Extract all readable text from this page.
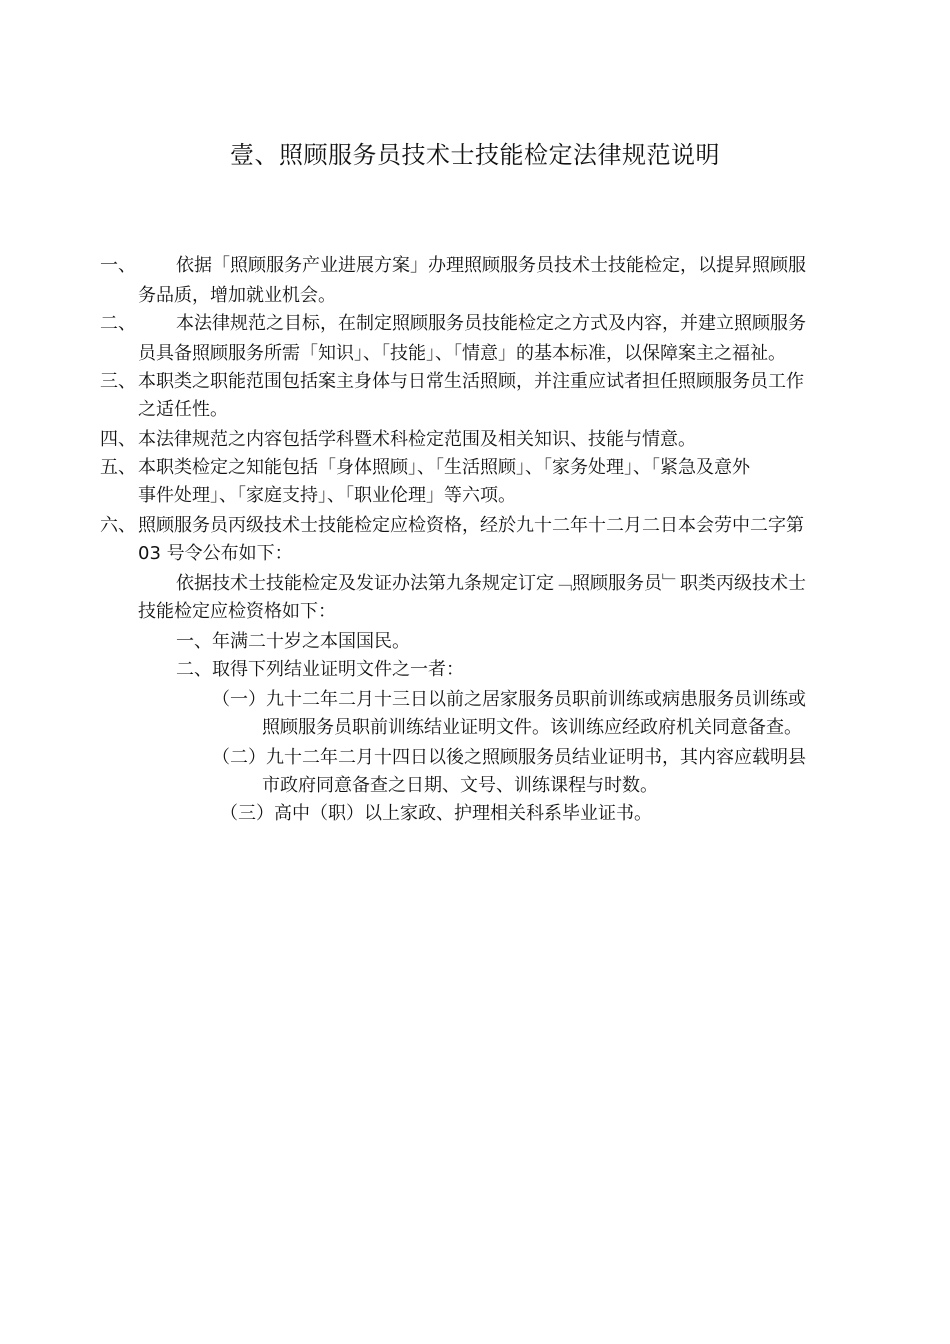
壹、照顾服务员技术士技能检定法律规范说明
一、 依据「照顾服务产业进展方案」办理照顾服务员技术士技能检定，以提昇照顾服
务品质，增加就业机会。
二、 本法律规范之目标，在制定照顾服务员技能检定之方式及内容，并建立照顾服务
员具备照顾服务所需「知识」、「技能」、「情意」的基本标准，以保障案主之福祉。
三、 本职类之职能范围包括案主身体与日常生活照顾，并注重应试者担任照顾服务员工作
之适任性。
四、 本法律规范之内容包括学科暨术科检定范围及相关知识、技能与情意。
五、 本职类检定之知能包括「身体照顾」、「生活照顾」、「家务处理」、「紧急及意外
事件处理」、「家庭支持」、「职业伦理」等六项。
六、 照顾服务员丙级技术士技能检定应检资格，经於九十二年十二月二日本会劳中二字第
03 号令公布如下：
依据技术士技能检定及发证办法第九条规定订定﹁照顾服务员﹂职类丙级技术士
技能检定应检资格如下：
一、年满二十岁之本国国民。
二、取得下列结业证明文件之一者：
（一）九十二年二月十三日以前之居家服务员职前训练或病患服务员训练或
照顾服务员职前训练结业证明文件。该训练应经政府机关同意备查。
（二）九十二年二月十四日以後之照顾服务员结业证明书，其内容应载明县
市政府同意备查之日期、文号、训练课程与时数。
（三）高中（职）以上家政、护理相关科系毕业证书。
